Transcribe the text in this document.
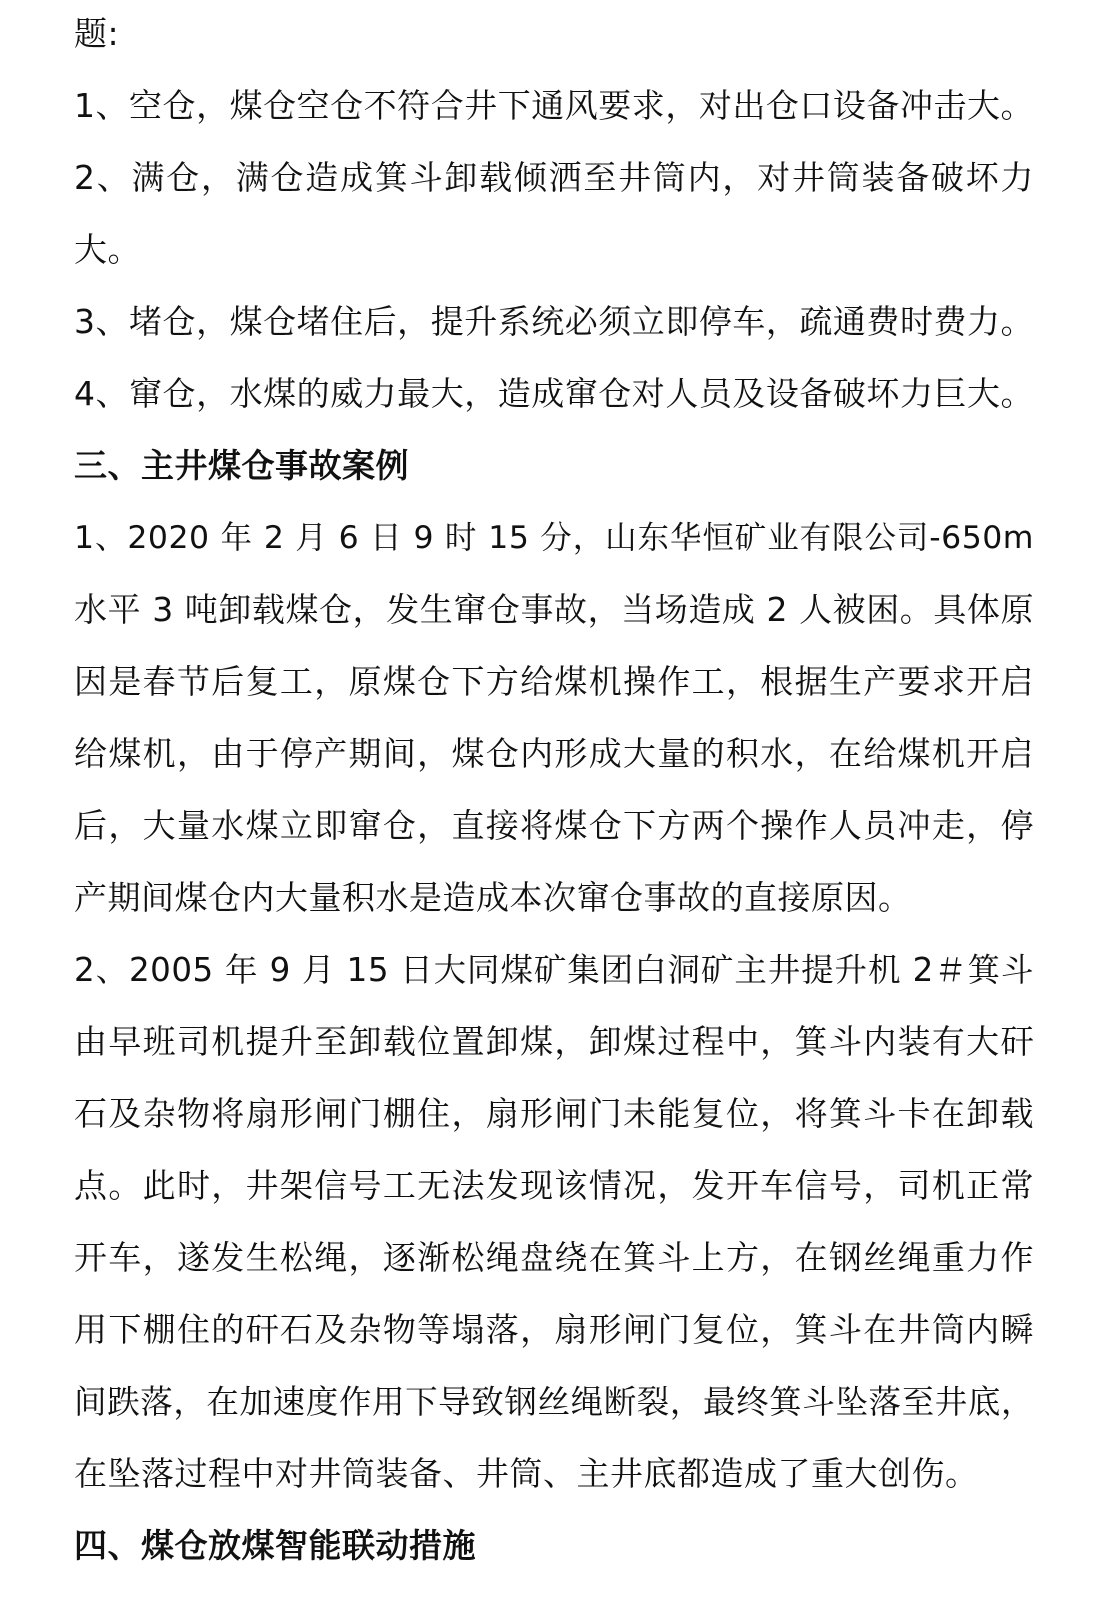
题:

1、空仓，煤仓空仓不符合井下通风要求，对出仓口设备冲击大。

2、满仓，满仓造成箕斗卸载倾洒至井筒内，对井筒装备破坏力

大。

3、堵仓，煤仓堵住后，提升系统必须立即停车，疏通费时费力。

4、窜仓，水煤的威力最大，造成窜仓对人员及设备破坏力巨大。

三、主井煤仓事故案例

1、2020 年 2 月 6 日 9 时 15 分，山东华恒矿业有限公司-650m

水平 3 吨卸载煤仓，发生窜仓事故，当场造成 2 人被困。具体原

因是春节后复工，原煤仓下方给煤机操作工，根据生产要求开启

给煤机，由于停产期间，煤仓内形成大量的积水，在给煤机开启

后，大量水煤立即窜仓，直接将煤仓下方两个操作人员冲走，停

产期间煤仓内大量积水是造成本次窜仓事故的直接原因。

2、2005 年 9 月 15 日大同煤矿集团白洞矿主井提升机 2＃箕斗

由早班司机提升至卸载位置卸煤，卸煤过程中，箕斗内装有大矸

石及杂物将扇形闸门棚住，扇形闸门未能复位，将箕斗卡在卸载

点。此时，井架信号工无法发现该情况，发开车信号，司机正常

开车，遂发生松绳，逐渐松绳盘绕在箕斗上方，在钢丝绳重力作

用下棚住的矸石及杂物等塌落，扇形闸门复位，箕斗在井筒内瞬

间跌落，在加速度作用下导致钢丝绳断裂，最终箕斗坠落至井底，

在坠落过程中对井筒装备、井筒、主井底都造成了重大创伤。

四、煤仓放煤智能联动措施
